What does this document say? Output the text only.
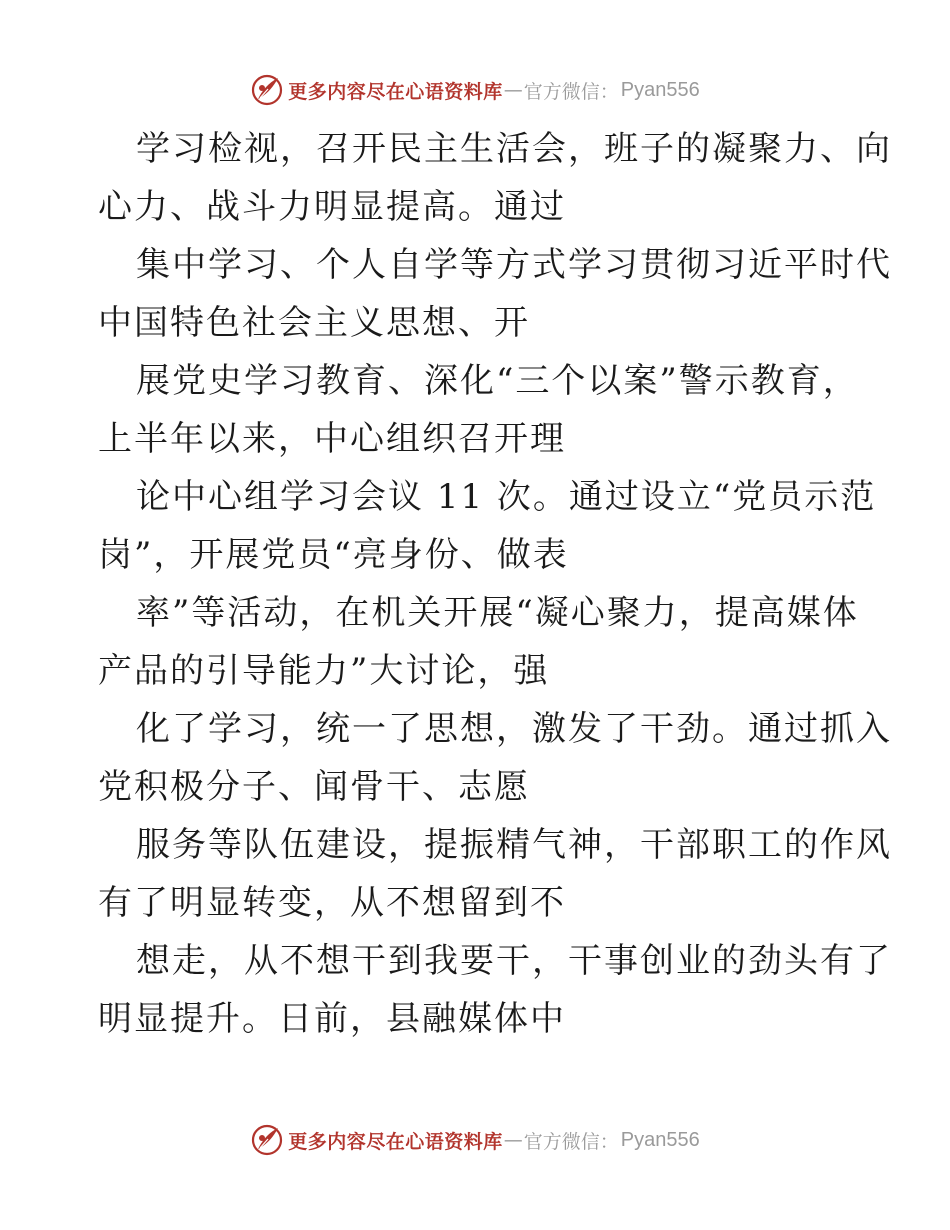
更多内容尽在心语资料库 — 官方微信： Pyan556
学习检视，召开民主生活会，班子的凝聚力、向
心力、战斗力明显提高。通过
集中学习、个人自学等方式学习贯彻习近平时代
中国特色社会主义思想、开
展党史学习教育、深化“三个以案”警示教育，
上半年以来，中心组织召开理
论中心组学习会议 11 次。通过设立“党员示范
岗”，开展党员“亮身份、做表
率”等活动，在机关开展“凝心聚力，提高媒体
产品的引导能力”大讨论，强
化了学习，统一了思想，激发了干劲。通过抓入
党积极分子、闻骨干、志愿
服务等队伍建设，提振精气神，干部职工的作风
有了明显转变，从不想留到不
想走，从不想干到我要干，干事创业的劲头有了
明显提升。日前，县融媒体中
更多内容尽在心语资料库 — 官方微信： Pyan556
